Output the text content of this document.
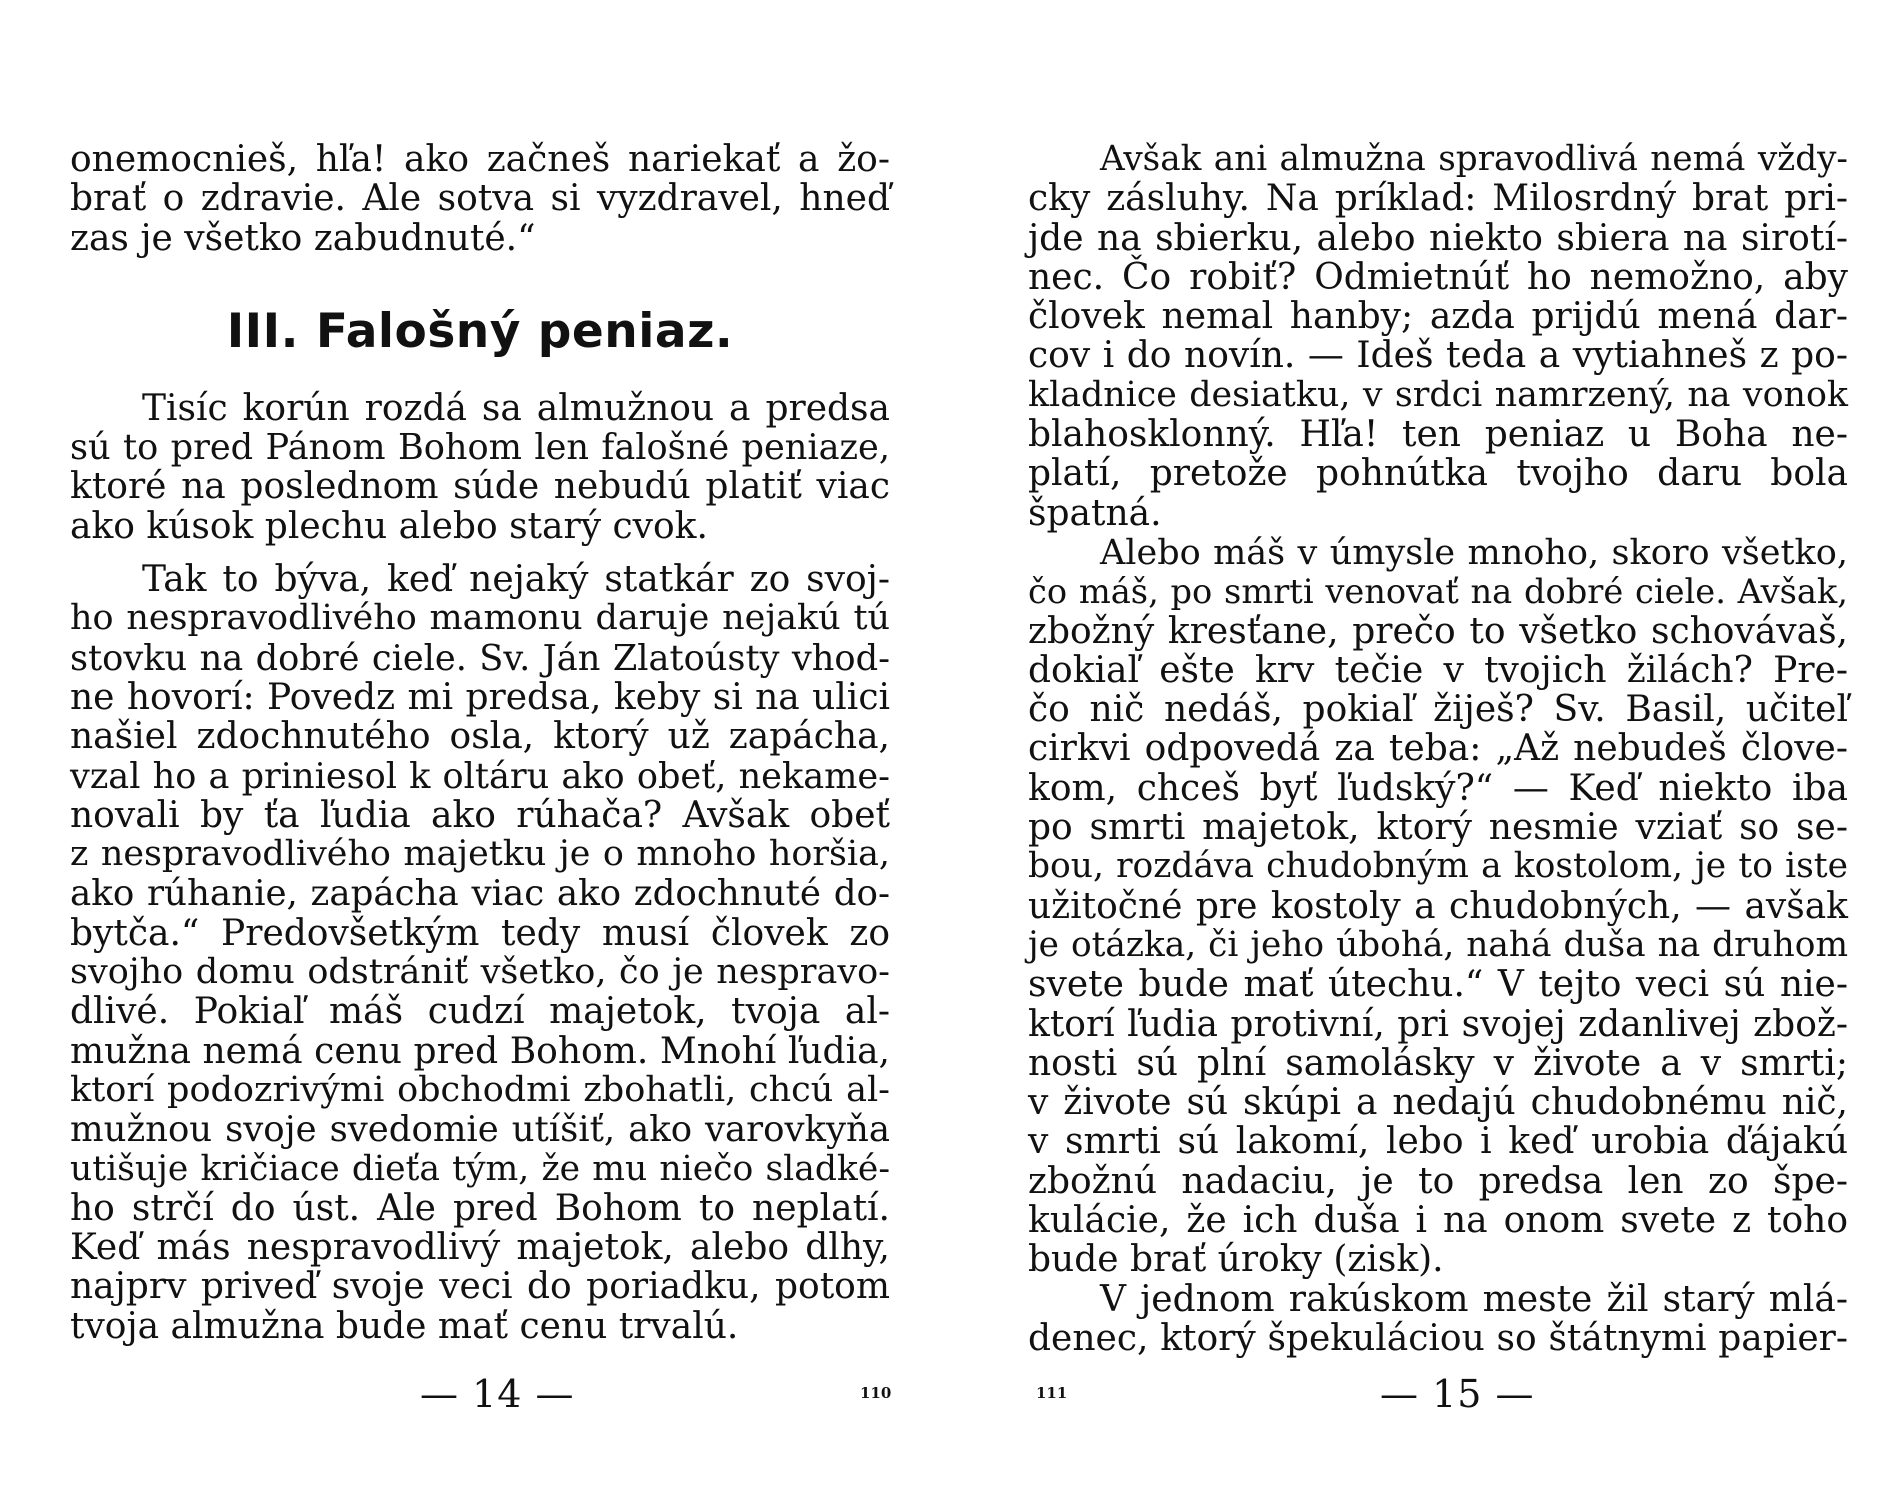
onemocnieš, hľa! ako začneš nariekať a žo-
brať o zdravie. Ale sotva si vyzdravel, hneď
zas je všetko zabudnuté.“
III. Falošný peniaz.
Tisíc korún rozdá sa almužnou a predsa
sú to pred Pánom Bohom len falošné peniaze,
ktoré na poslednom súde nebudú platiť viac
ako kúsok plechu alebo starý cvok.
Tak to býva, keď nejaký statkár zo svoj-
ho nespravodlivého mamonu daruje nejakú tú
stovku na dobré ciele. Sv. Ján Zlatoústy vhod-
ne hovorí: Povedz mi predsa, keby si na ulici
našiel zdochnutého osla, ktorý už zapácha,
vzal ho a priniesol k oltáru ako obeť, nekame-
novali by ťa ľudia ako rúhača? Avšak obeť
z nespravodlivého majetku je o mnoho horšia,
ako rúhanie, zapácha viac ako zdochnuté do-
bytča.“ Predovšetkým tedy musí človek zo
svojho domu odstrániť všetko, čo je nespravo-
dlivé. Pokiaľ máš cudzí majetok, tvoja al-
mužna nemá cenu pred Bohom. Mnohí ľudia,
ktorí podozrivými obchodmi zbohatli, chcú al-
mužnou svoje svedomie utíšiť, ako varovkyňa
utišuje kričiace dieťa tým, že mu niečo sladké-
ho strčí do úst. Ale pred Bohom to neplatí.
Keď más nespravodlivý majetok, alebo dlhy,
najprv priveď svoje veci do poriadku, potom
tvoja almužna bude mať cenu trvalú.
— 14 —	110
Avšak ani almužna spravodlivá nemá vždy-
cky zásluhy. Na príklad: Milosrdný brat pri-
jde na sbierku, alebo niekto sbiera na sirotí-
nec. Čo robiť? Odmietnúť ho nemožno, aby
človek nemal hanby; azda prijdú mená dar-
cov i do novín. — Ideš teda a vytiahneš z po-
kladnice desiatku, v srdci namrzený, na vonok
blahosklonný. Hľa! ten peniaz u Boha ne-
platí, pretože pohnútka tvojho daru bola
špatná.
Alebo máš v úmysle mnoho, skoro všetko,
čo máš, po smrti venovať na dobré ciele. Avšak,
zbožný kresťane, prečo to všetko schovávaš,
dokiaľ ešte krv tečie v tvojich žilách? Pre-
čo nič nedáš, pokiaľ žiješ? Sv. Basil, učiteľ
cirkvi odpovedá za teba: „Až nebudeš člove-
kom, chceš byť ľudský?“ — Keď niekto iba
po smrti majetok, ktorý nesmie vziať so se-
bou, rozdáva chudobným a kostolom, je to iste
užitočné pre kostoly a chudobných, — avšak
je otázka, či jeho úbohá, nahá duša na druhom
svete bude mať útechu.“ V tejto veci sú nie-
ktorí ľudia protivní, pri svojej zdanlivej zbož-
nosti sú plní samolásky v živote a v smrti;
v živote sú skúpi a nedajú chudobnému nič,
v smrti sú lakomí, lebo i keď urobia ďájakú
zbožnú nadaciu, je to predsa len zo špe-
kulácie, že ich duša i na onom svete z toho
bude brať úroky (zisk).
V jednom rakúskom meste žil starý mlá-
denec, ktorý špekuláciou so štátnymi papier-
111	— 15 —
